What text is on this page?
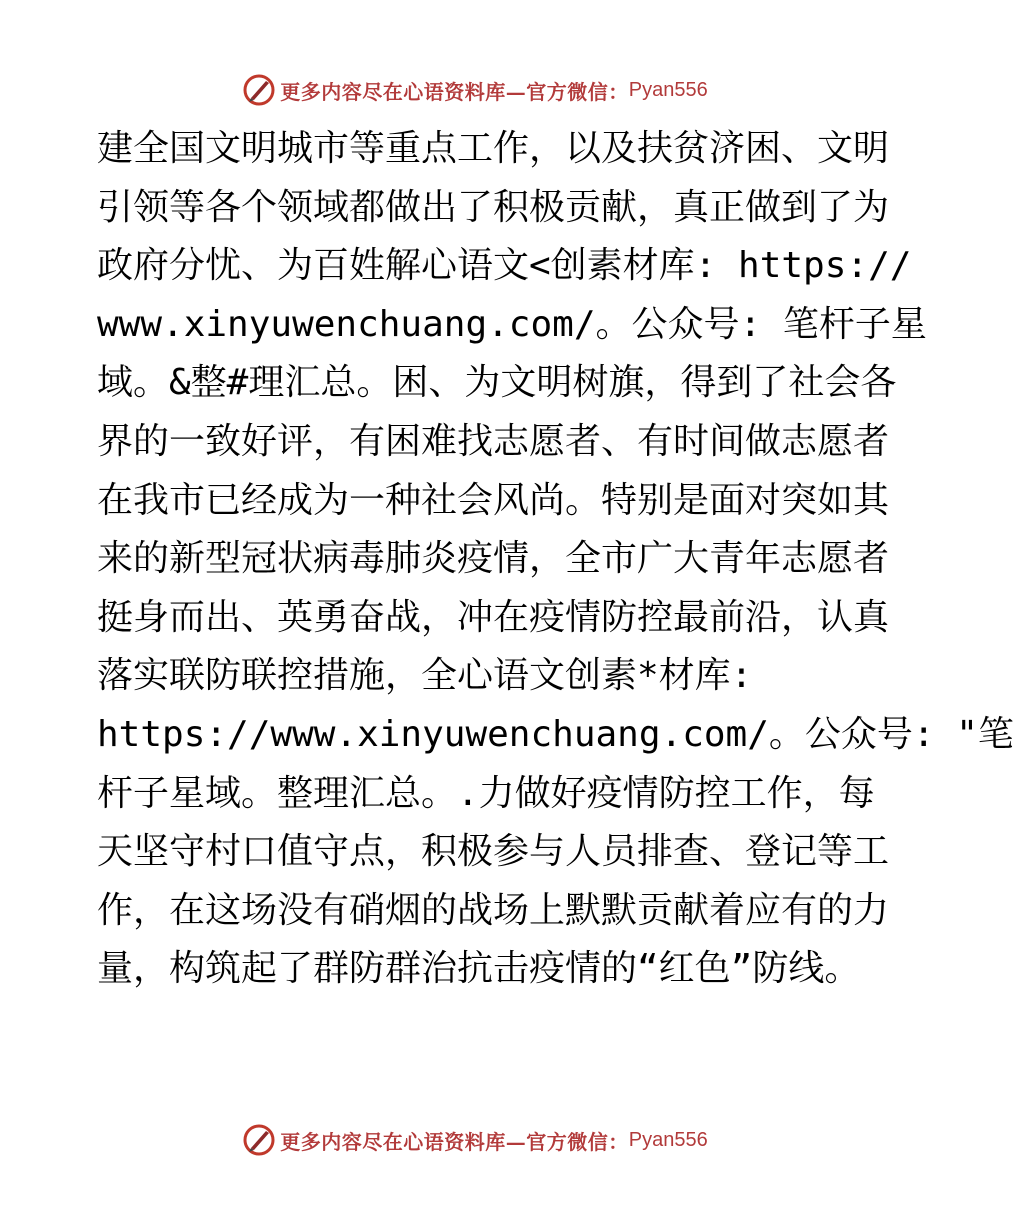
更多内容尽在心语资料库—官方微信： Pyan556
建全国文明城市等重点工作，以及扶贫济困、文明
引领等各个领域都做出了积极贡献，真正做到了为
政府分忧、为百姓解心语文<创素材库: https://
www.xinyuwenchuang.com/。公众号: 笔杆子星
域。&整#理汇总。困、为文明树旗，得到了社会各
界的一致好评，有困难找志愿者、有时间做志愿者
在我市已经成为一种社会风尚。特别是面对突如其
来的新型冠状病毒肺炎疫情，全市广大青年志愿者
挺身而出、英勇奋战，冲在疫情防控最前沿，认真
落实联防联控措施，全心语文创素*材库:
https://www.xinyuwenchuang.com/。公众号: "笔
杆子星域。整理汇总。.力做好疫情防控工作，每
天坚守村口值守点，积极参与人员排查、登记等工
作，在这场没有硝烟的战场上默默贡献着应有的力
量，构筑起了群防群治抗击疫情的“红色”防线。
更多内容尽在心语资料库—官方微信： Pyan556
